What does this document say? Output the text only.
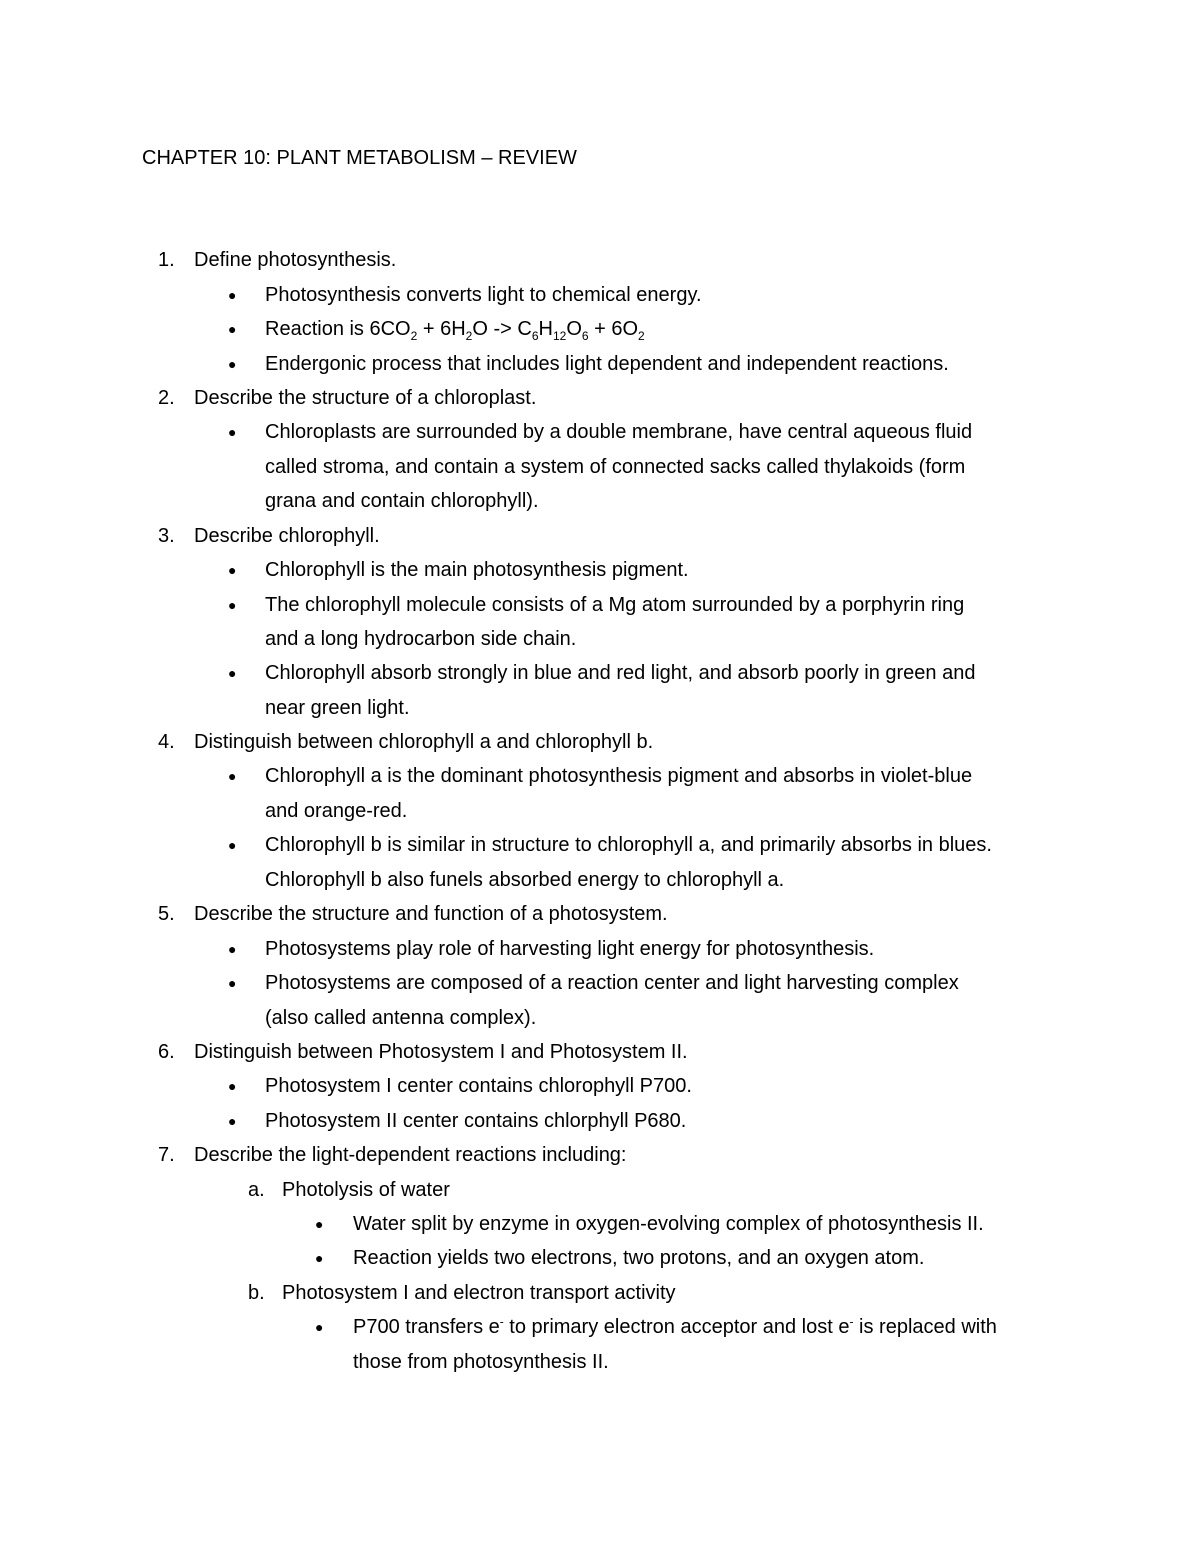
CHAPTER 10: PLANT METABOLISM – REVIEW
1. Define photosynthesis.
● Photosynthesis converts light to chemical energy.
● Reaction is $6CO_2 + 6H_2O -> C_6H_{12}O_6 + 6O_2$
● Endergonic process that includes light dependent and independent reactions.
2. Describe the structure of a chloroplast.
● Chloroplasts are surrounded by a double membrane, have central aqueous fluid
called stroma, and contain a system of connected sacks called thylakoids (form
grana and contain chlorophyll).
3. Describe chlorophyll.
● Chlorophyll is the main photosynthesis pigment.
● The chlorophyll molecule consists of a Mg atom surrounded by a porphyrin ring
and a long hydrocarbon side chain.
● Chlorophyll absorb strongly in blue and red light, and absorb poorly in green and
near green light.
4. Distinguish between chlorophyll a and chlorophyll b.
● Chlorophyll a is the dominant photosynthesis pigment and absorbs in violet-blue
and orange-red.
● Chlorophyll b is similar in structure to chlorophyll a, and primarily absorbs in blues.
Chlorophyll b also funels absorbed energy to chlorophyll a.
5. Describe the structure and function of a photosystem.
● Photosystems play role of harvesting light energy for photosynthesis.
● Photosystems are composed of a reaction center and light harvesting complex
(also called antenna complex).
6. Distinguish between Photosystem I and Photosystem II.
● Photosystem I center contains chlorophyll P700.
● Photosystem II center contains chlorphyll P680.
7. Describe the light-dependent reactions including:
a. Photolysis of water
● Water split by enzyme in oxygen-evolving complex of photosynthesis II.
● Reaction yields two electrons, two protons, and an oxygen atom.
b. Photosystem I and electron transport activity
● P700 transfers e- to primary electron acceptor and lost e- is replaced with
those from photosynthesis II.
